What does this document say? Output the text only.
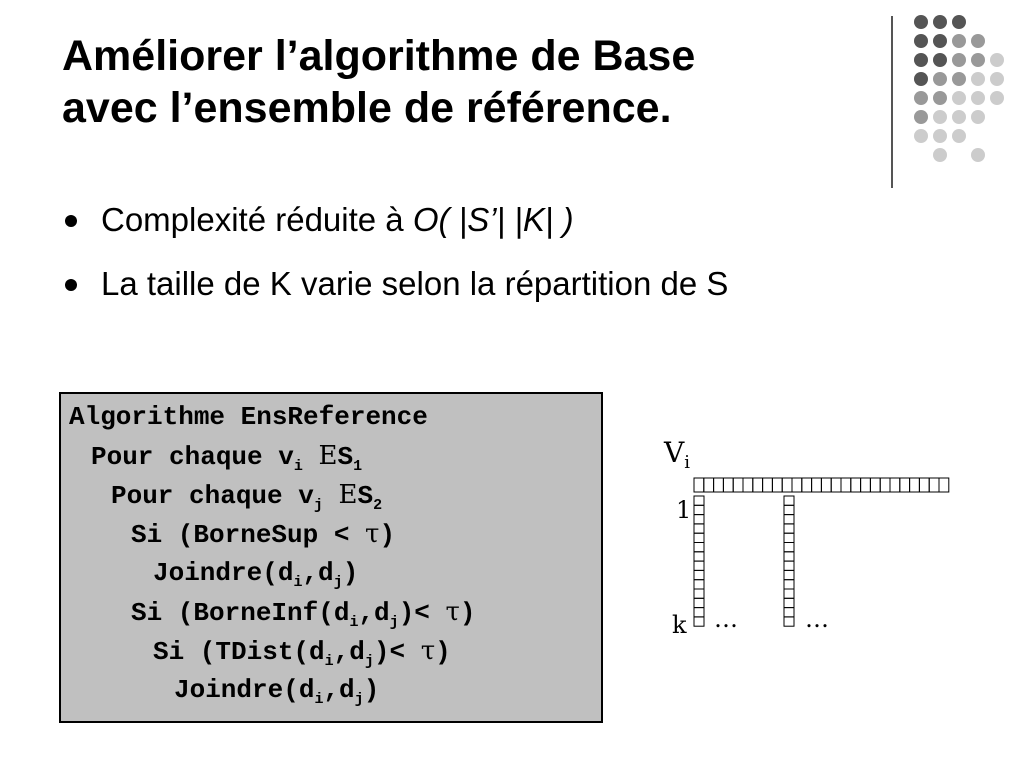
Améliorer l’algorithme de Base
avec l’ensemble de référence.
Complexité réduite à O( |S’| |K| )
La taille de K varie selon la répartition de S
Algorithme EnsReference
Pour chaque $v_i$ $ES_1$
Pour chaque $v_j$ $ES_2$
Si (BorneSup < τ)
$Joindre(d_i,d_j)$
Si $(BorneInf(d_i,d_j)< \tau)$
Si $(TDist(d_i,d_j)< \tau)$
$Joindre(d_i,d_j)$
$V_i$
1
k …	…
